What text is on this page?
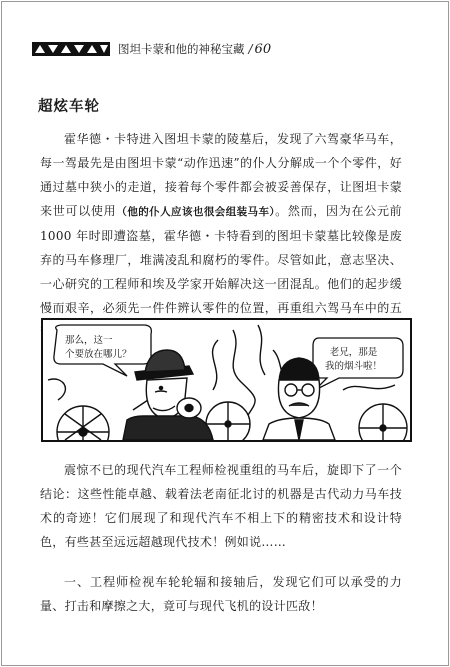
图坦卡蒙和他的神秘宝藏 / 60
超炫车轮

霍华德・卡特进入图坦卡蒙的陵墓后，发现了六驾豪华马车，每一驾最先是由图坦卡蒙“动作迅速”的仆人分解成一个个零件，好通过墓中狭小的走道，接着每个零件都会被妥善保存，让图坦卡蒙来世可以使用（他的仆人应该也很会组装马车）。然而，因为在公元前 1000 年时即遭盗墓，霍华德・卡特看到的图坦卡蒙墓比较像是废弃的马车修理厂，堆满凌乱和腐朽的零件。尽管如此，意志坚决、一心研究的工程师和埃及学家开始解决这一团混乱。他们的起步缓慢而艰辛，必须先一件件辨认零件的位置，再重组六驾马车中的五

那么，这一
个要放在哪儿？	老兄，那是
我的烟斗啦！

震惊不已的现代汽车工程师检视重组的马车后，旋即下了一个结论：这些性能卓越、载着法老南征北讨的机器是古代动力马车技术的奇迹！它们展现了和现代汽车不相上下的精密技术和设计特色，有些甚至远远超越现代技术！例如说……

一、工程师检视车轮轮辐和接轴后，发现它们可以承受的力量、打击和摩擦之大，竟可与现代飞机的设计匹敌！
